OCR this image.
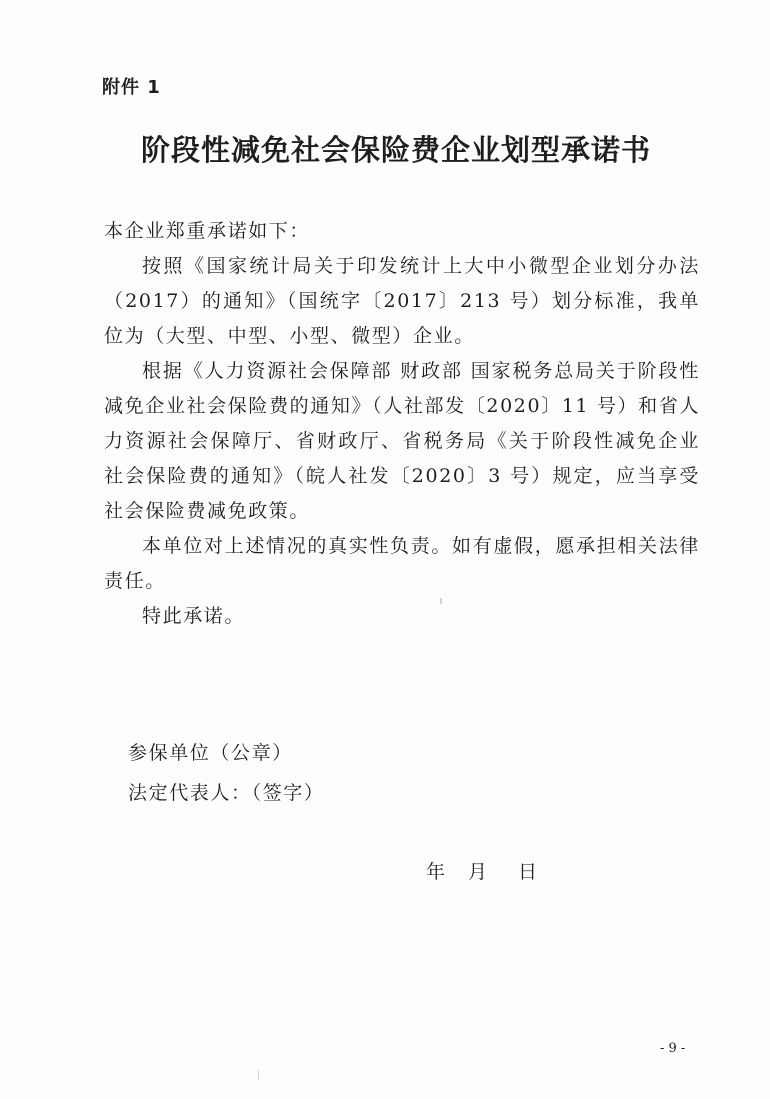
附件 1
阶段性减免社会保险费企业划型承诺书

本企业郑重承诺如下：

按照《国家统计局关于印发统计上大中小微型企业划分办法（2017）的通知》（国统字〔2017〕213 号）划分标准，我单位为（大型、中型、小型、微型）企业。

根据《人力资源社会保障部 财政部 国家税务总局关于阶段性减免企业社会保险费的通知》（人社部发〔2020〕11 号）和省人力资源社会保障厅、省财政厅、省税务局《关于阶段性减免企业社会保险费的通知》（皖人社发〔2020〕3 号）规定，应当享受社会保险费减免政策。

本单位对上述情况的真实性负责。如有虚假，愿承担相关法律责任。

特此承诺。

参保单位（公章）
法定代表人：（签字）
年 月 日
- 9 -
